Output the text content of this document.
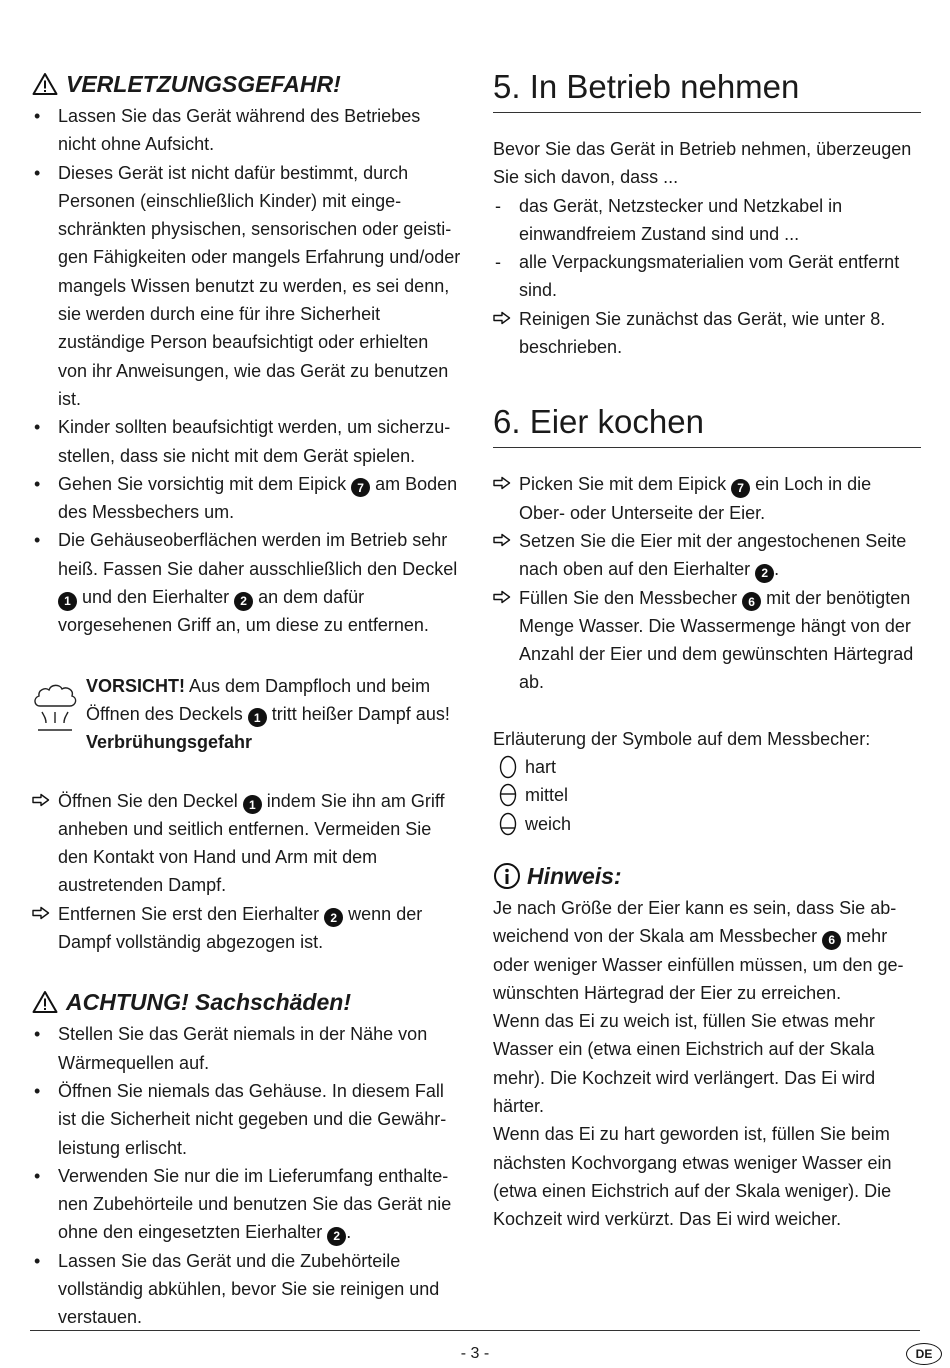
VERLETZUNGSGEFAHR!
• Lassen Sie das Gerät während des Betriebes nicht ohne Aufsicht.
• Dieses Gerät ist nicht dafür bestimmt, durch Personen (einschließlich Kinder) mit eingeschränkten physischen, sensorischen oder geistigen Fähigkeiten oder mangels Erfahrung und/oder mangels Wissen benutzt zu werden, es sei denn, sie werden durch eine für ihre Sicherheit zuständige Person beaufsichtigt oder erhielten von ihr Anweisungen, wie das Gerät zu benutzen ist.
• Kinder sollten beaufsichtigt werden, um sicherzustellen, dass sie nicht mit dem Gerät spielen.
• Gehen Sie vorsichtig mit dem Eipick 7 am Boden des Messbechers um.
• Die Gehäuseoberflächen werden im Betrieb sehr heiß. Fassen Sie daher ausschließlich den Deckel 1 und den Eierhalter 2 an dem dafür vorgesehenen Griff an, um diese zu entfernen.
VORSICHT! Aus dem Dampfloch und beim Öffnen des Deckels 1 tritt heißer Dampf aus! Verbrühungsgefahr
Öffnen Sie den Deckel 1 indem Sie ihn am Griff anheben und seitlich entfernen. Vermeiden Sie den Kontakt von Hand und Arm mit dem austretenden Dampf.
Entfernen Sie erst den Eierhalter 2 wenn der Dampf vollständig abgezogen ist.
ACHTUNG! Sachschäden!
• Stellen Sie das Gerät niemals in der Nähe von Wärmequellen auf.
• Öffnen Sie niemals das Gehäuse. In diesem Fall ist die Sicherheit nicht gegeben und die Gewährleistung erlischt.
• Verwenden Sie nur die im Lieferumfang enthaltenen Zubehörteile und benutzen Sie das Gerät nie ohne den eingesetzten Eierhalter 2 .
• Lassen Sie das Gerät und die Zubehörteile vollständig abkühlen, bevor Sie sie reinigen und verstauen.
5. In Betrieb nehmen

Bevor Sie das Gerät in Betrieb nehmen, überzeugen Sie sich davon, dass ...

- das Gerät, Netzstecker und Netzkabel in einwandfreiem Zustand sind und ...
- alle Verpackungsmaterialien vom Gerät entfernt sind.
Reinigen Sie zunächst das Gerät, wie unter 8. beschrieben.
6. Eier kochen
Picken Sie mit dem Eipick 7 ein Loch in die Ober- oder Unterseite der Eier.
Setzen Sie die Eier mit der angestochenen Seite nach oben auf den Eierhalter 2 .
Füllen Sie den Messbecher 6 mit der benötigten Menge Wasser. Die Wassermenge hängt von der Anzahl der Eier und dem gewünschten Härtegrad ab.

Erläuterung der Symbole auf dem Messbecher:

hart
mittel
weich
Hinweis:

Je nach Größe der Eier kann es sein, dass Sie abweichend von der Skala am Messbecher 6 mehr oder weniger Wasser einfüllen müssen, um den gewünschten Härtegrad der Eier zu erreichen.

Wenn das Ei zu weich ist, füllen Sie etwas mehr Wasser ein (etwa einen Eichstrich auf der Skala mehr). Die Kochzeit wird verlängert. Das Ei wird härter.

Wenn das Ei zu hart geworden ist, füllen Sie beim nächsten Kochvorgang etwas weniger Wasser ein (etwa einen Eichstrich auf der Skala weniger). Die Kochzeit wird verkürzt. Das Ei wird weicher.

- 3 -	DE
